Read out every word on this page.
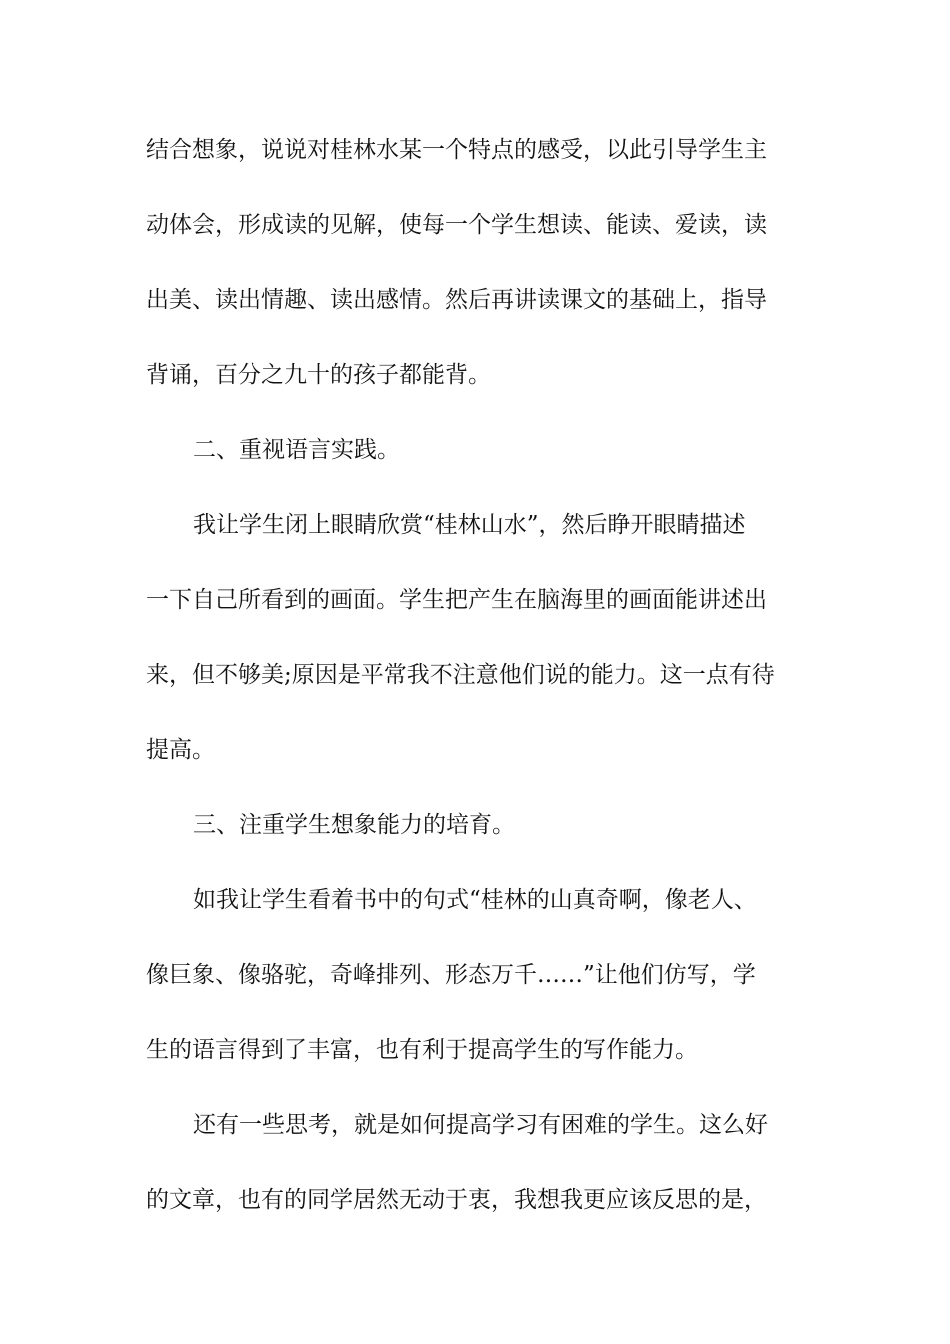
结合想象，说说对桂林水某一个特点的感受，以此引导学生主

动体会，形成读的见解，使每一个学生想读、能读、爱读，读

出美、读出情趣、读出感情。然后再讲读课文的基础上，指导

背诵，百分之九十的孩子都能背。

二、重视语言实践。

我让学生闭上眼睛欣赏“桂林山水”，然后睁开眼睛描述

一下自己所看到的画面。学生把产生在脑海里的画面能讲述出

来，但不够美;原因是平常我不注意他们说的能力。这一点有待

提高。

三、注重学生想象能力的培育。

如我让学生看着书中的句式“桂林的山真奇啊，像老人、

像巨象、像骆驼，奇峰排列、形态万千……”让他们仿写，学

生的语言得到了丰富，也有利于提高学生的写作能力。

还有一些思考，就是如何提高学习有困难的学生。这么好

的文章，也有的同学居然无动于衷，我想我更应该反思的是，
